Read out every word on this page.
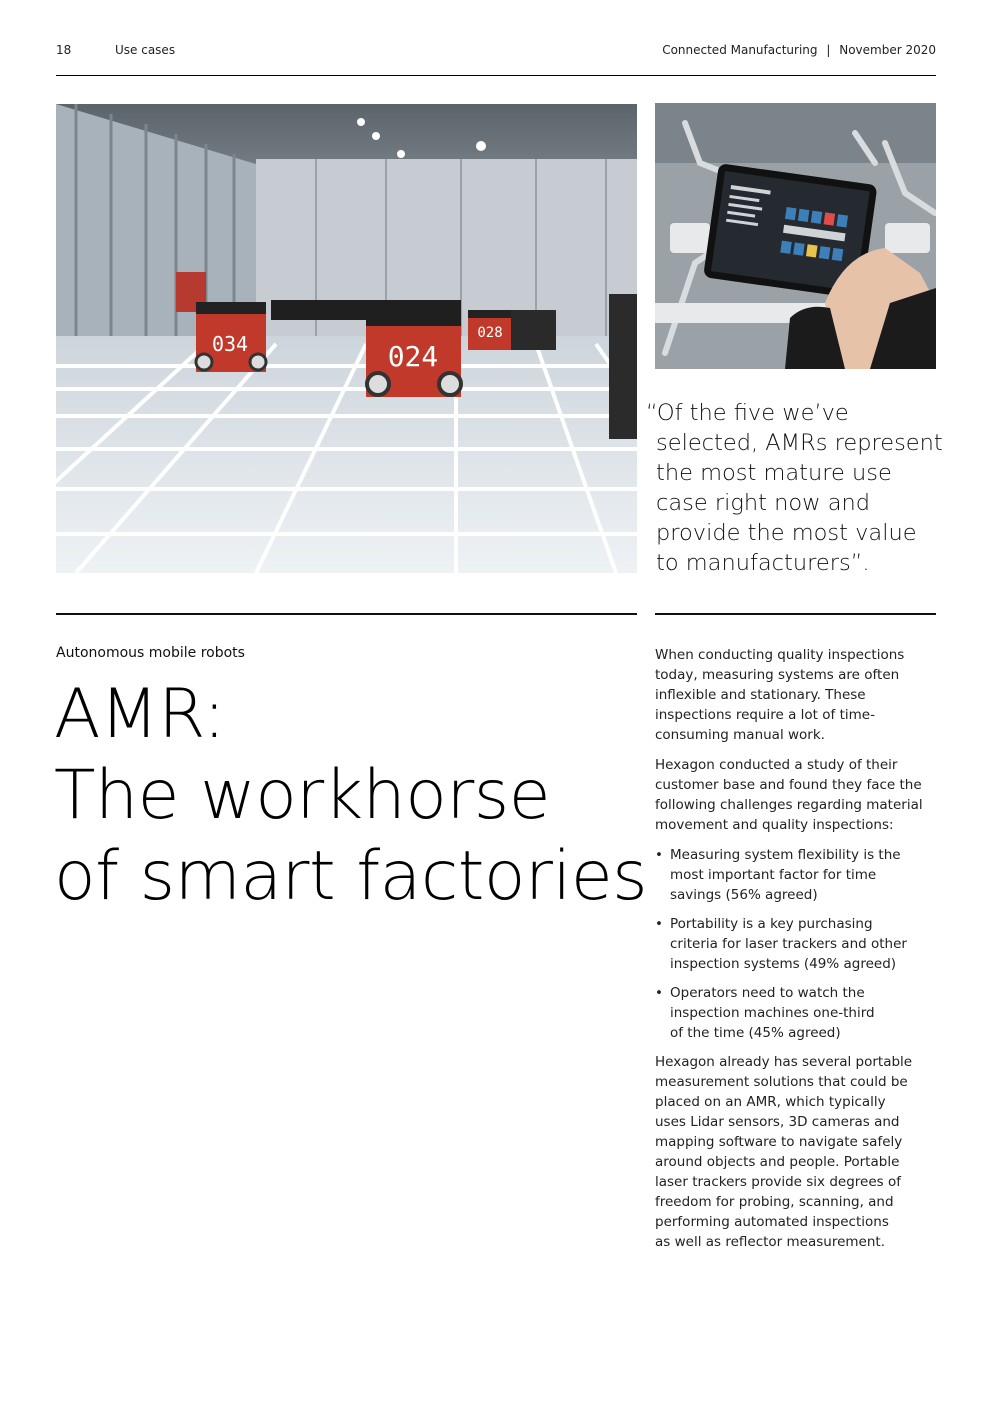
18	Use cases	Connected Manufacturing | November 2020
034	024
028
“Of the five we’ve
selected, AMRs represent
the most mature use
case right now and
provide the most value
to manufacturers”.
Autonomous mobile robots
AMR:
The workhorse
of smart factories

When conducting quality inspections
today, measuring systems are often
inflexible and stationary. These
inspections require a lot of time-
consuming manual work.

Hexagon conducted a study of their
customer base and found they face the
following challenges regarding material
movement and quality inspections:

• Measuring system flexibility is the
most important factor for time
savings (56% agreed)
• Portability is a key purchasing
criteria for laser trackers and other
inspection systems (49% agreed)
• Operators need to watch the
inspection machines one-third
of the time (45% agreed)

Hexagon already has several portable
measurement solutions that could be
placed on an AMR, which typically
uses Lidar sensors, 3D cameras and
mapping software to navigate safely
around objects and people. Portable
laser trackers provide six degrees of
freedom for probing, scanning, and
performing automated inspections
as well as reflector measurement.
